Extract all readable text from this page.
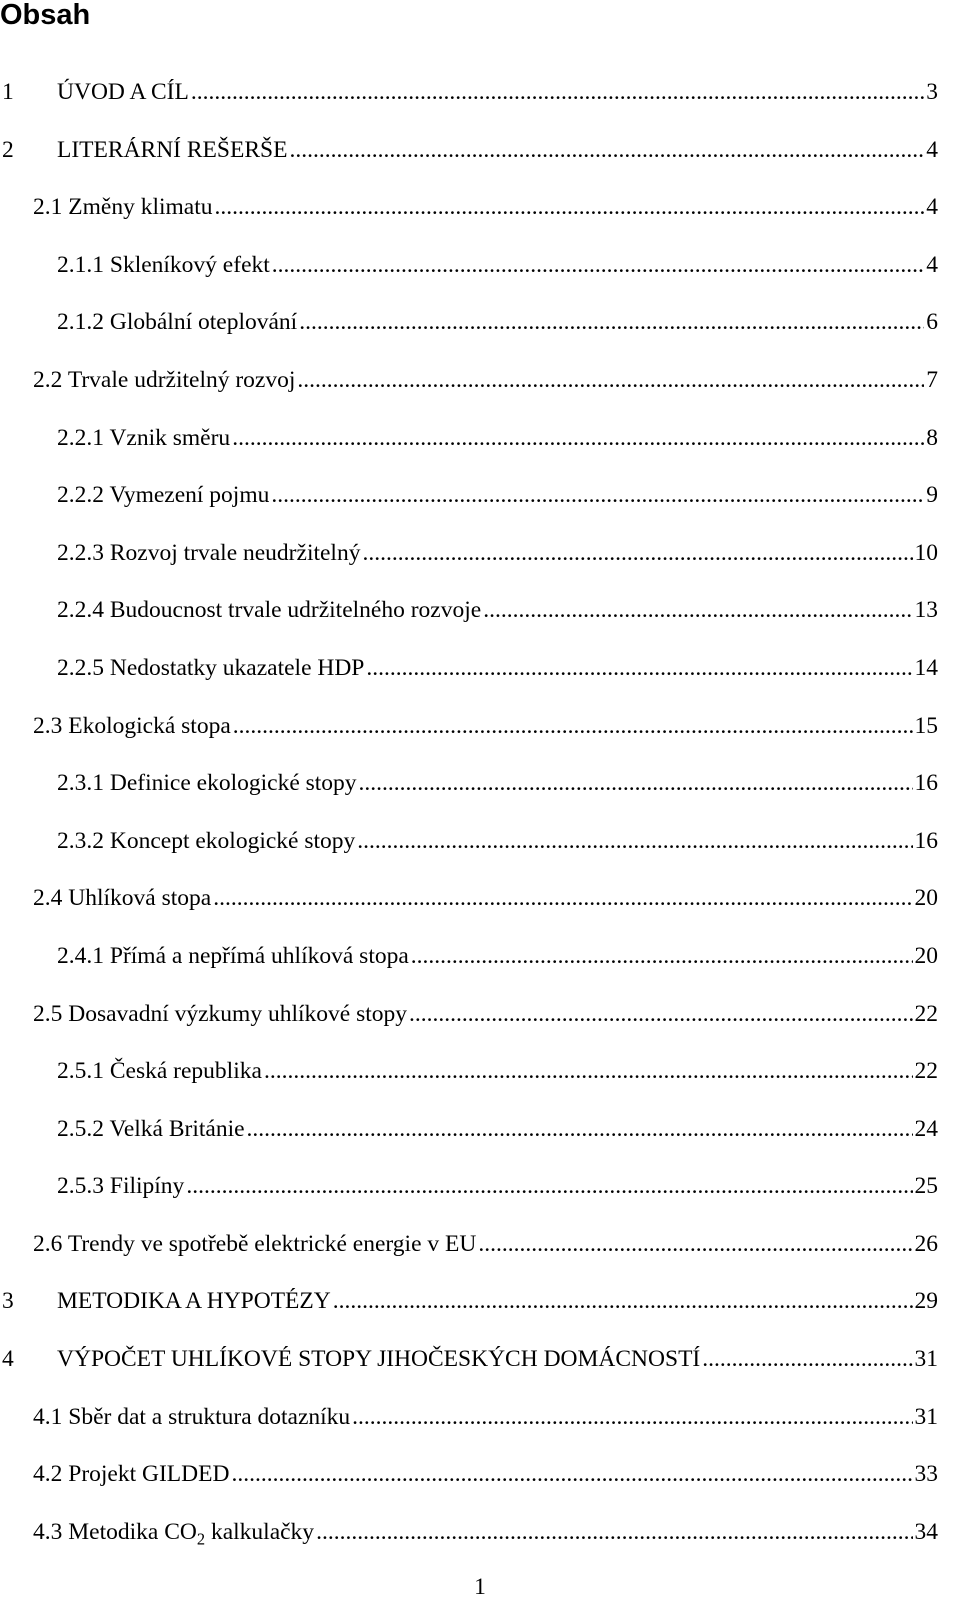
Obsah
1 ÚVOD A CÍL .....	3
2 LITERÁRNÍ REŠERŠE .....	4
2.1 Změny klimatu .....	4
2.1.1 Skleníkový efekt .....	4
2.1.2 Globální oteplování .....	6
2.2 Trvale udržitelný rozvoj .....	7
2.2.1 Vznik směru .....	8
2.2.2 Vymezení pojmu .....	9
2.2.3 Rozvoj trvale neudržitelný .....	10
2.2.4 Budoucnost trvale udržitelného rozvoje .....	13
2.2.5 Nedostatky ukazatele HDP .....	14
2.3 Ekologická stopa .....	15
2.3.1 Definice ekologické stopy .....	16
2.3.2 Koncept ekologické stopy .....	16
2.4 Uhlíková stopa .....	20
2.4.1 Přímá a nepřímá uhlíková stopa .....	20
2.5 Dosavadní výzkumy uhlíkové stopy .....	22
2.5.1 Česká republika .....	22
2.5.2 Velká Británie .....	24
2.5.3 Filipíny .....	25
2.6 Trendy ve spotřebě elektrické energie v EU .....	26
3 METODIKA A HYPOTÉZY .....	29
4 VÝPOČET UHLÍKOVÉ STOPY JIHOČESKÝCH DOMÁCNOSTÍ .....	31
4.1 Sběr dat a struktura dotazníku .....	31
4.2 Projekt GILDED .....	33
4.3 Metodika $CO_2$ kalkulačky .....	34
1
